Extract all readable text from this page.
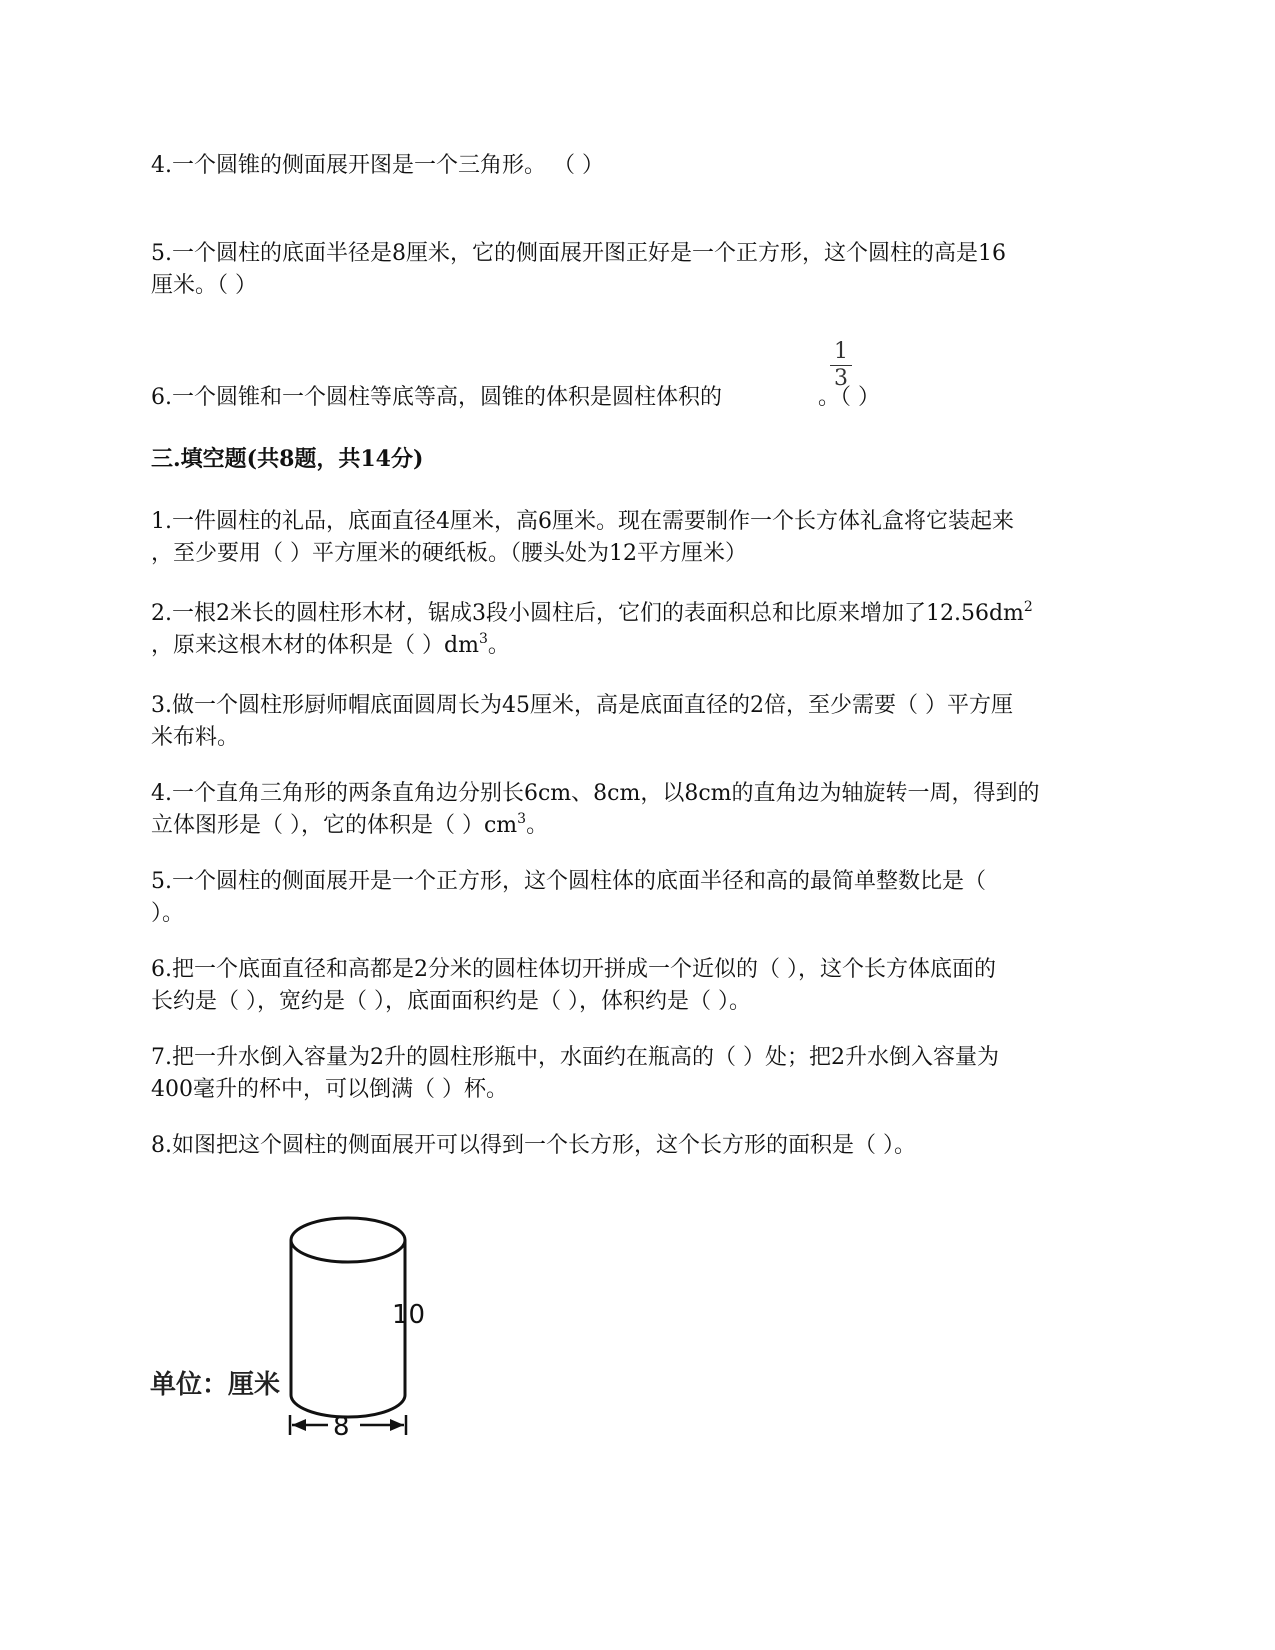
4.一个圆锥的侧面展开图是一个三角形。 （ ）

5.一个圆柱的底面半径是8厘米，它的侧面展开图正好是一个正方形，这个圆柱的高是16
厘米。（ ）

6.一个圆锥和一个圆柱等底等高，圆锥的体积是圆柱体积的	。（ ）

1
3

三.填空题(共8题，共14分)

1.一件圆柱的礼品，底面直径4厘米，高6厘米。现在需要制作一个长方体礼盒将它装起来
，至少要用（ ）平方厘米的硬纸板。（腰头处为12平方厘米）
2.一根2米长的圆柱形木材，锯成3段小圆柱后，它们的表面积总和比原来增加了$12.56dm^2$
，原来这根木材的体积是（ ）$dm^3$。
3.做一个圆柱形厨师帽底面圆周长为45厘米，高是底面直径的2倍，至少需要（ ）平方厘
米布料。
4.一个直角三角形的两条直角边分别长6cm、8cm，以8cm的直角边为轴旋转一周，得到的
立体图形是（ ），它的体积是（ ）$cm^3$。
5.一个圆柱的侧面展开是一个正方形，这个圆柱体的底面半径和高的最简单整数比是（
）。
6.把一个底面直径和高都是2分米的圆柱体切开拼成一个近似的（ ），这个长方体底面的
长约是（ ），宽约是（ ），底面面积约是（ ），体积约是（ ）。
7.把一升水倒入容量为2升的圆柱形瓶中，水面约在瓶高的（ ）处；把2升水倒入容量为
400毫升的杯中，可以倒满（ ）杯。

8.如图把这个圆柱的侧面展开可以得到一个长方形，这个长方形的面积是（ ）。

10
8
单位：厘米
